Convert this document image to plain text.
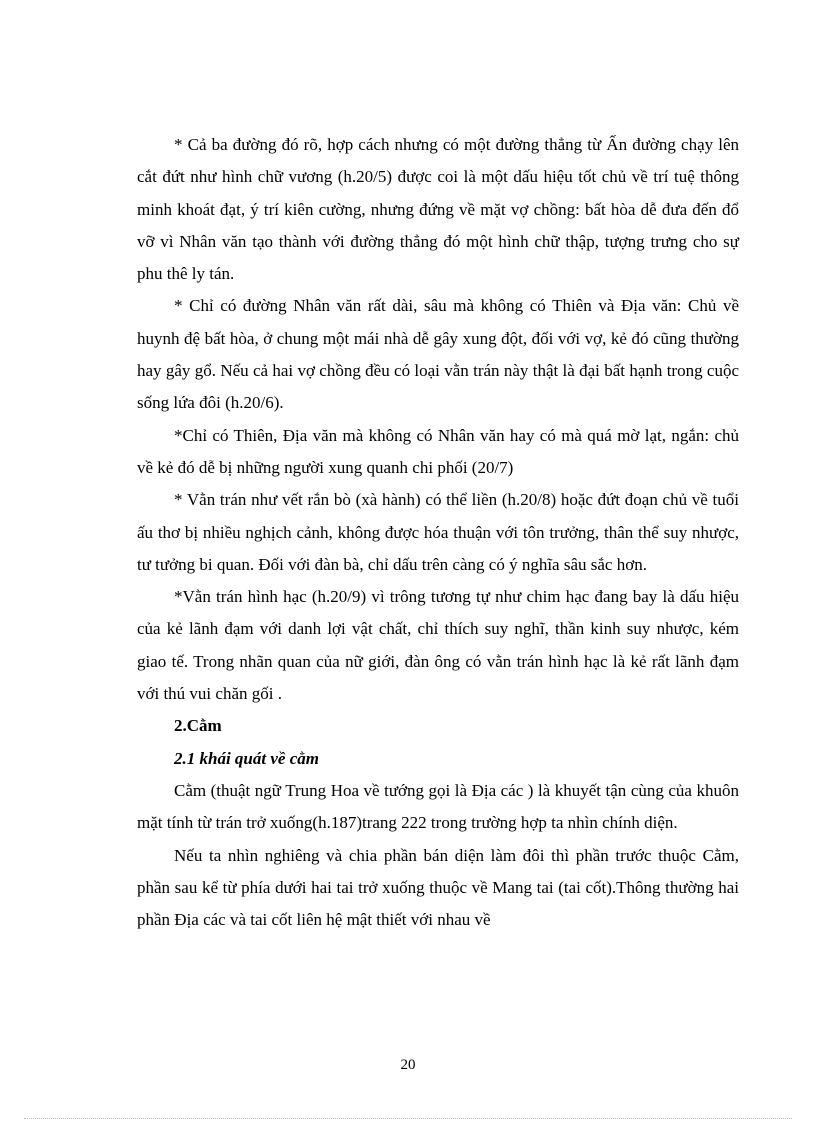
* Cả ba đường đó rõ, hợp cách nhưng có một đường thẳng từ Ấn đường chạy lên cắt đứt như hình chữ vương (h.20/5) được coi là một dấu hiệu tốt chủ về trí tuệ thông minh khoát đạt, ý trí kiên cường, nhưng đứng về mặt vợ chồng: bất hòa dễ đưa đến đổ vỡ vì Nhân văn tạo thành với đường thẳng đó một hình chữ thập, tượng trưng cho sự phu thê ly tán.

* Chỉ có đường Nhân văn rất dài, sâu mà không có Thiên và Địa văn: Chủ về huynh đệ bất hòa, ở chung một mái nhà dễ gây xung đột, đối với vợ, kẻ đó cũng thường hay gây gổ. Nếu cả hai vợ chồng đều có loại vằn trán này thật là đại bất hạnh trong cuộc sống lứa đôi (h.20/6).

*Chỉ có Thiên, Địa văn mà không có Nhân văn hay có mà quá mờ lạt, ngắn: chủ về kẻ đó dễ bị những người xung quanh chi phối (20/7)

* Vằn trán như vết rắn bò (xà hành) có thể liền (h.20/8) hoặc đứt đoạn chủ về tuổi ấu thơ bị nhiều nghịch cảnh, không được hóa thuận với tôn trưởng, thân thể suy nhược, tư tưởng bi quan. Đối với đàn bà, chỉ dấu trên càng có ý nghĩa sâu sắc hơn.

*Vằn trán hình hạc (h.20/9) vì trông tương tự như chim hạc đang bay là dấu hiệu của kẻ lãnh đạm với danh lợi vật chất, chỉ thích suy nghĩ, thần kinh suy nhược, kém giao tế. Trong nhãn quan của nữ giới, đàn ông có vằn trán hình hạc là kẻ rất lãnh đạm với thú vui chăn gối .

2.Cằm

2.1 khái quát về cằm

Cằm (thuật ngữ Trung Hoa về tướng gọi là Địa các ) là khuyết tận cùng của khuôn mặt tính từ trán trở xuống(h.187)trang 222 trong trường hợp ta nhìn chính diện.

Nếu ta nhìn nghiêng và chia phần bán diện làm đôi thì phần trước thuộc Cằm, phần sau kể từ phía dưới hai tai trở xuống thuộc về Mang tai (tai cốt).Thông thường hai phần Địa các và tai cốt liên hệ mật thiết với nhau về

20
